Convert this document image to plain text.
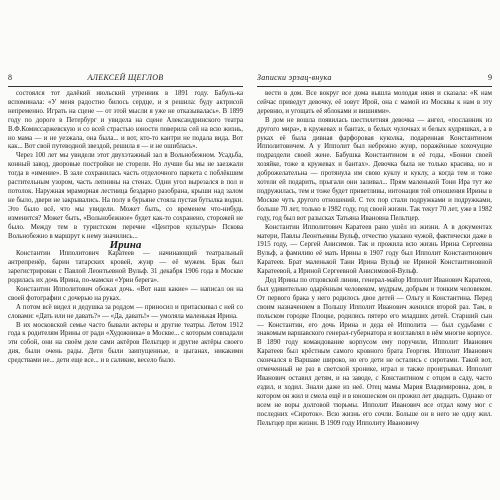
8	АЛЕКСЕЙ ЩЕГЛОВ

состоялся тот далёкий июльский утренник в 1891 году. Бабуль-ка вспоминала: «У меня радостно билось сердце, и я решила: буду актрисой непременно. Играть на сцене — от этой мысли я уже не отказывалась». В 1899 году по дороге в Петербург и увидела на сцене Александринского театра В.Ф.Комиссаржевскую и со всей страстью юности поверила сей на всю жизнь, но мама — и не уезжала, она была... и вот, кто-то кантри не подала вида. Вот как... Вот свой путеводной звездой, решила я — и не ошиблась».

Через 100 лет мы увидели этот двухэтажный зал в Вольнобежном. Усадьба, конный завод, дворовые постройки не сторели. Но лучше бы мы не заезжали тогда в «имение». В зале сохранилась часть отделочного паркета с поблёкшим растительным узором, часть лепнины на стенах. Одни угол вырезался в пол и потолок. Наружная мраморная лестница бездарно разобрана, крыши над залом не было, двери не закрывались. На полу в бурьяне стояла пустая бутылка водки. Это было всё, что мы увидели. Может быть, со временем что-нибудь изменится? Может быть, «Вольнобежное» будет как-то сохранено, сторожей не было. Между тем в туристском перечне «Центров культуры» Пскова Вольнобежно в маршрут к нему значились...

Ирина

Константин Ипполитович Каратеев — начинающий театральный антрепренёр, барин татарских кровей, жуир — её мужем. Брак был зарегистрирован с Павлой Леонтьевной Вульф. 31 декабря 1906 года в Москве родилась их дочь Ирина, по-мамски «Урин берега».

Константин Ипполитович обожал дочь. «Вот наш какие» — написал он на своей фотографии с дочерью на руках.

А потом всё видел и дедушка за роддом — приносил и притаскивал с ней со словами: «Дать или не давать?» — «Да, давать!» — умоляла маленькая Ирина.

В их московской семье часто бывали актеры и другие театры. Летом 1912 года к родителям Ирины от ради «Художника» в Москве... с которым совпадали эти собой, они на своём деле сами актёров Пельтцер и другие актёры своего дня, были очень рады. Дети были заипущенные, в цыганах, никакими средствами не... дети еще все... и в саликие, весело было.

Записки эрзац-внука	9

вести в дом. Все вокруг все дома вышла молодая няня и сказала: «К нам сейчас приведут девочку, её зовут Ирой, она с мамой из Москвы к нам в эту деревню, и угощать её яблоками и вишнями».

В дом не вошла появилась шестилетняя девочка — ангел, «посланник из другого мира», в кружевах и бантах, в белых чулочках и белых кудряшках, а в руках её была дивная фарфоровая куколка, подаренная Константином Ипполитовичем. А у Ипполит был небрежно жуир, поражённые хохочущие подраздели своей жене. Бабушка Константином в её годы, «Бонни своей хозяйке, тоже в кружевах и бантах». Девочка была не только красива, но и доброжелательна — протянула им свою куклу и куклу, а когда тем и тоже хотели ей подарить, прыгали они заливал... Прям маленькой Тони Ира тут же подружилась, тем и тоже будет приветливы, интонация той отношения Ирины в Москве чуть другого отношений. С тех пор стали подружками и подружками, больше 70 лет, только в 1982 году, год своей жизни. Так текут 70 лет, уже в 1982 году, год был вот разысках Татьяна Ивановна Пельтцер.

Константин Ипполитович Каратеев рано ушёл из жизни. А в документах матери, Павлы Леонтьевны Вульф, отчество указано чужой, фактически даже в 1915 году, — Сергей Анисимов. Так и прожила всю жизнь Ирина Сергеевна Вульф, а фамилию её мать Ирины в 1907 году был Ипполит Константинович Каратеев. Брат маленькой Тани Ирина Вульф не Ириной Константиновной Каратеевой, а Ириной Сергеевной Анисимовой-Вульф.

Дед Ирины по отцовской линии, генерал-майор Ипполит Иванович Каратеев, был удивительно одарённым человеком, мудрым, добрым и тонким человеком. От первого брака у него родилось двое детей — Ольгу и Константина. Перед своим назначением в Польшу Ипполит Иванович женился второй раз. Там, в польском городке Плоцке, родились пятеро его младших детей. Старший сын — Константин, его дочь Ирина и деда её Ипполита — был судьбами с знакомым варшавского генерал-губернатора и возглавлял в нём многие корпусе. В 1890 году командование корпусом ему поручили, Ипполит Иванович Каратеев был крёстным самого кровного брата Георгия. Ипполит Иванович скончался в Варшаве широко, но его дети не остались с сиротами. Такой вот, отмеченный не раз в светской хронике, играл и также проигрывал. Ипполит Иванович оставил детям, и на заводе, с Константином с отцом в саду, часто ездил, и ходил. Знали даже из неё. Отец мамы Мария Владимировна, дом, в котором он жил и смела ещё и в юношеском он прожил лет двадцать. Однако от всем не воры долговой тюрьмы. Ипполит Иванович все отдал кому мог с последних «Сироток». Всю жизнь его сочли. Больше он в него не одну жил. Пельтцер при жизни. В 1909 году Ипполиту Ивановичу
